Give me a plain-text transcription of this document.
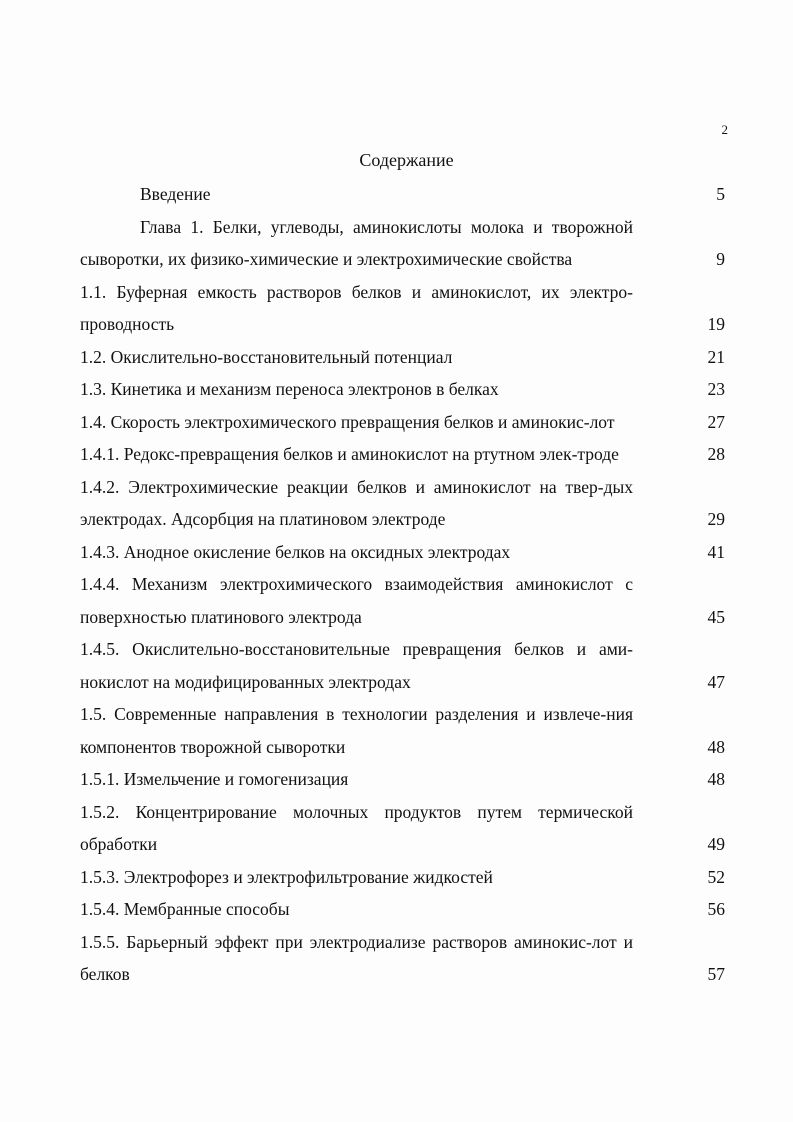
2
Содержание
Введение	5
Глава 1. Белки, углеводы, аминокислоты молока и творожной сыворотки, их физико-химические и электрохимические свойства	9
1.1. Буферная емкость растворов белков и аминокислот, их электро-проводность	19
1.2. Окислительно-восстановительный потенциал	21
1.3. Кинетика и механизм переноса электронов в белках	23
1.4. Скорость электрохимического превращения белков и аминокис-лот	27
1.4.1. Редокс-превращения белков и аминокислот на ртутном элек-троде	28
1.4.2. Электрохимические реакции белков и аминокислот на твер-дых электродах. Адсорбция на платиновом электроде	29
1.4.3. Анодное окисление белков на оксидных электродах	41
1.4.4. Механизм электрохимического взаимодействия аминокислот с поверхностью платинового электрода	45
1.4.5. Окислительно-восстановительные превращения белков и ами-нокислот на модифицированных электродах	47
1.5. Современные направления в технологии разделения и извлече-ния компонентов творожной сыворотки	48
1.5.1. Измельчение и гомогенизация	48
1.5.2. Концентрирование молочных продуктов путем термической обработки	49
1.5.3. Электрофорез и электрофильтрование жидкостей	52
1.5.4. Мембранные способы	56
1.5.5. Барьерный эффект при электродиализе растворов аминокис-лот и белков	57
